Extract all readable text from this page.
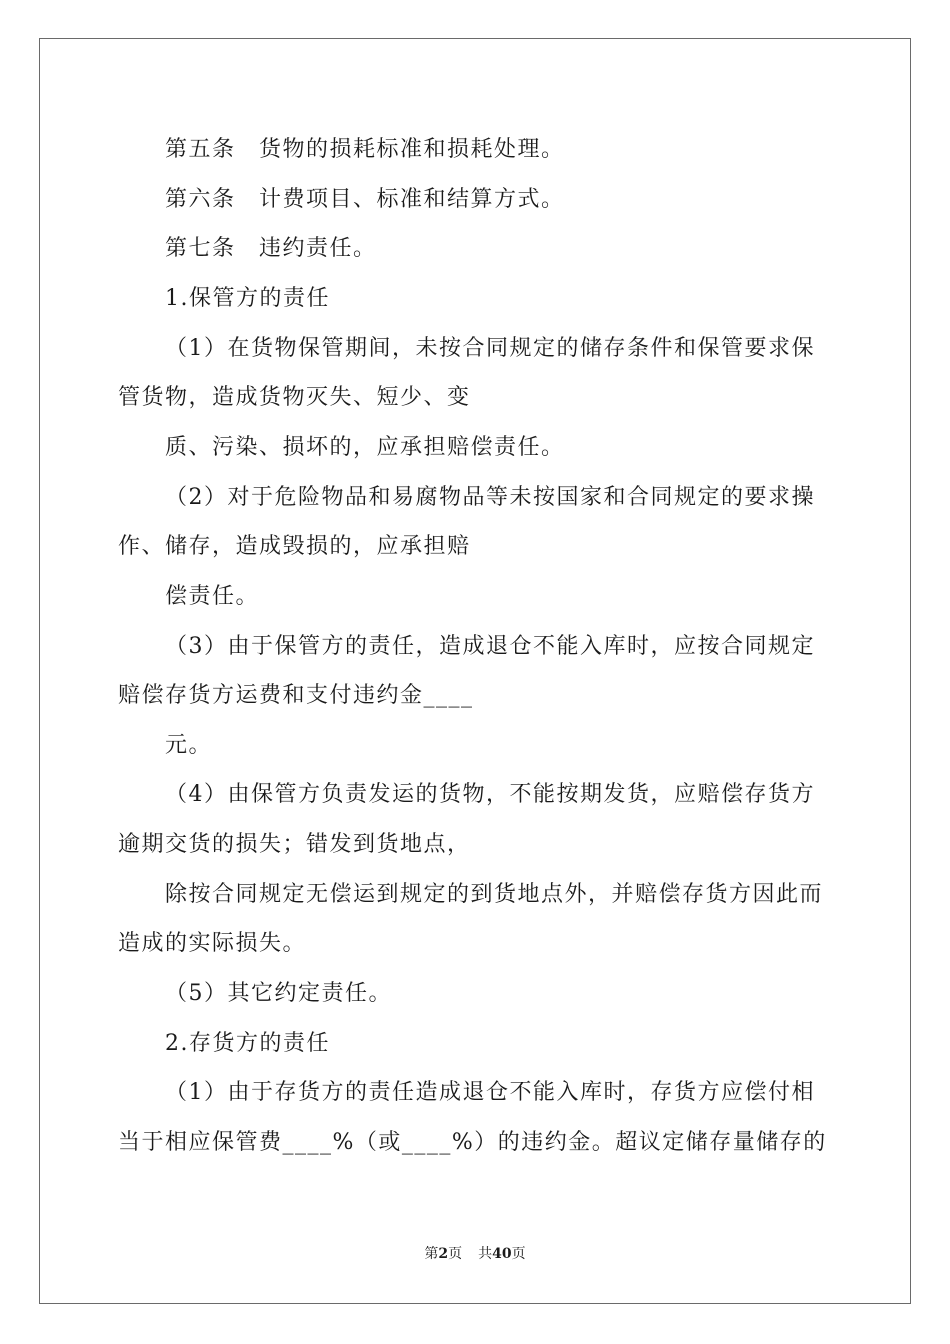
第五条　货物的损耗标准和损耗处理。
第六条　计费项目、标准和结算方式。
第七条　违约责任。
1.保管方的责任
（1）在货物保管期间，未按合同规定的储存条件和保管要求保
管货物，造成货物灭失、短少、变
质、污染、损坏的，应承担赔偿责任。
（2）对于危险物品和易腐物品等未按国家和合同规定的要求操
作、储存，造成毁损的，应承担赔
偿责任。
（3）由于保管方的责任，造成退仓不能入库时，应按合同规定
赔偿存货方运费和支付违约金____
元。
（4）由保管方负责发运的货物，不能按期发货，应赔偿存货方
逾期交货的损失；错发到货地点，
除按合同规定无偿运到规定的到货地点外，并赔偿存货方因此而
造成的实际损失。
（5）其它约定责任。
2.存货方的责任
（1）由于存货方的责任造成退仓不能入库时，存货方应偿付相
当于相应保管费____%（或____%）的违约金。超议定储存量储存的
第2页 共40页
